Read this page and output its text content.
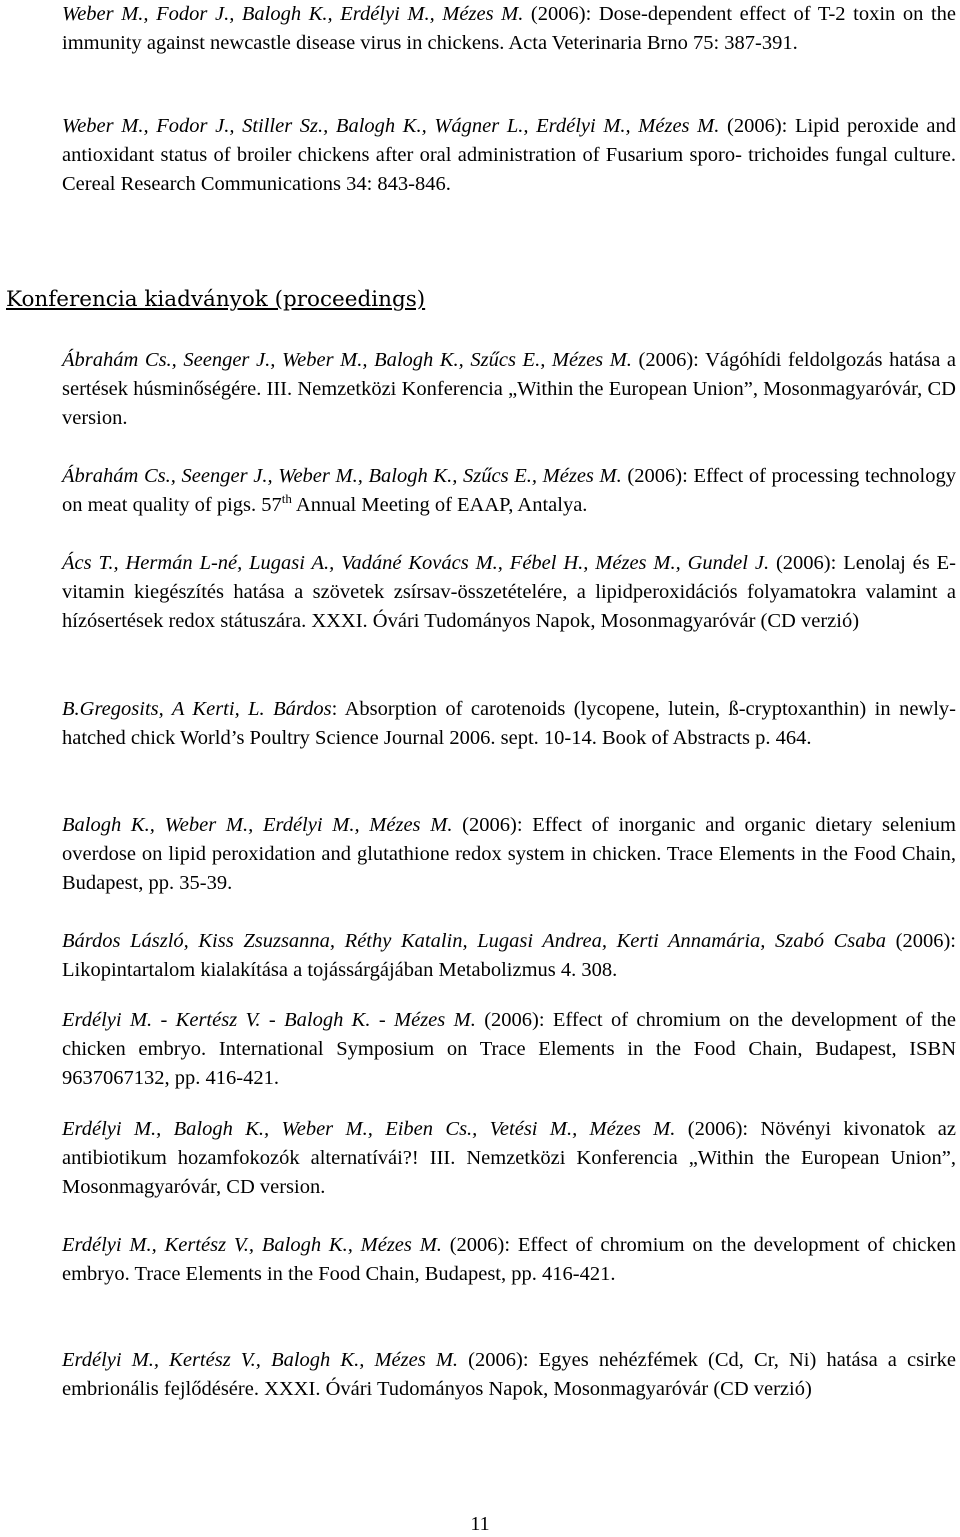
Weber M., Fodor J., Balogh K., Erdélyi M., Mézes M. (2006): Dose-dependent effect of T-2 toxin on the immunity against newcastle disease virus in chickens. Acta Veterinaria Brno 75: 387-391.
Weber M., Fodor J., Stiller Sz., Balogh K., Wágner L., Erdélyi M., Mézes M. (2006): Lipid peroxide and antioxidant status of broiler chickens after oral administration of Fusarium sporo- trichoides fungal culture. Cereal Research Communications 34: 843-846.
Konferencia kiadványok (proceedings)
Ábrahám Cs., Seenger J., Weber M., Balogh K., Szűcs E., Mézes M. (2006): Vágóhídi feldolgozás hatása a sertések húsminőségére. III. Nemzetközi Konferencia „Within the European Union”, Mosonmagyaróvár, CD version.
Ábrahám Cs., Seenger J., Weber M., Balogh K., Szűcs E., Mézes M. (2006): Effect of processing technology on meat quality of pigs. 57th Annual Meeting of EAAP, Antalya.
Ács T., Hermán L-né, Lugasi A., Vadáné Kovács M., Fébel H., Mézes M., Gundel J. (2006): Lenolaj és E-vitamin kiegészítés hatása a szövetek zsírsav-összetételére, a lipidperoxidációs folyamatokra valamint a hízósertések redox státuszára. XXXI. Óvári Tudományos Napok, Mosonmagyaróvár (CD verzió)
B.Gregosits, A Kerti, L. Bárdos: Absorption of carotenoids (lycopene, lutein, ß-cryptoxanthin) in newly-hatched chick World’s Poultry Science Journal 2006. sept. 10-14. Book of Abstracts p. 464.
Balogh K., Weber M., Erdélyi M., Mézes M. (2006): Effect of inorganic and organic dietary selenium overdose on lipid peroxidation and glutathione redox system in chicken. Trace Elements in the Food Chain, Budapest, pp. 35-39.
Bárdos László, Kiss Zsuzsanna, Réthy Katalin, Lugasi Andrea, Kerti Annamária, Szabó Csaba (2006): Likopintartalom kialakítása a tojássárgájában Metabolizmus 4. 308.
Erdélyi M. - Kertész V. - Balogh K. - Mézes M. (2006): Effect of chromium on the development of the chicken embryo. International Symposium on Trace Elements in the Food Chain, Budapest, ISBN 9637067132, pp. 416-421.
Erdélyi M., Balogh K., Weber M., Eiben Cs., Vetési M., Mézes M. (2006): Növényi kivonatok az antibiotikum hozamfokozók alternatívái?! III. Nemzetközi Konferencia „Within the European Union”, Mosonmagyaróvár, CD version.
Erdélyi M., Kertész V., Balogh K., Mézes M. (2006): Effect of chromium on the development of chicken embryo. Trace Elements in the Food Chain, Budapest, pp. 416-421.
Erdélyi M., Kertész V., Balogh K., Mézes M. (2006): Egyes nehézfémek (Cd, Cr, Ni) hatása a csirke embrionális fejlődésére. XXXI. Óvári Tudományos Napok, Mosonmagyaróvár (CD verzió)
11
